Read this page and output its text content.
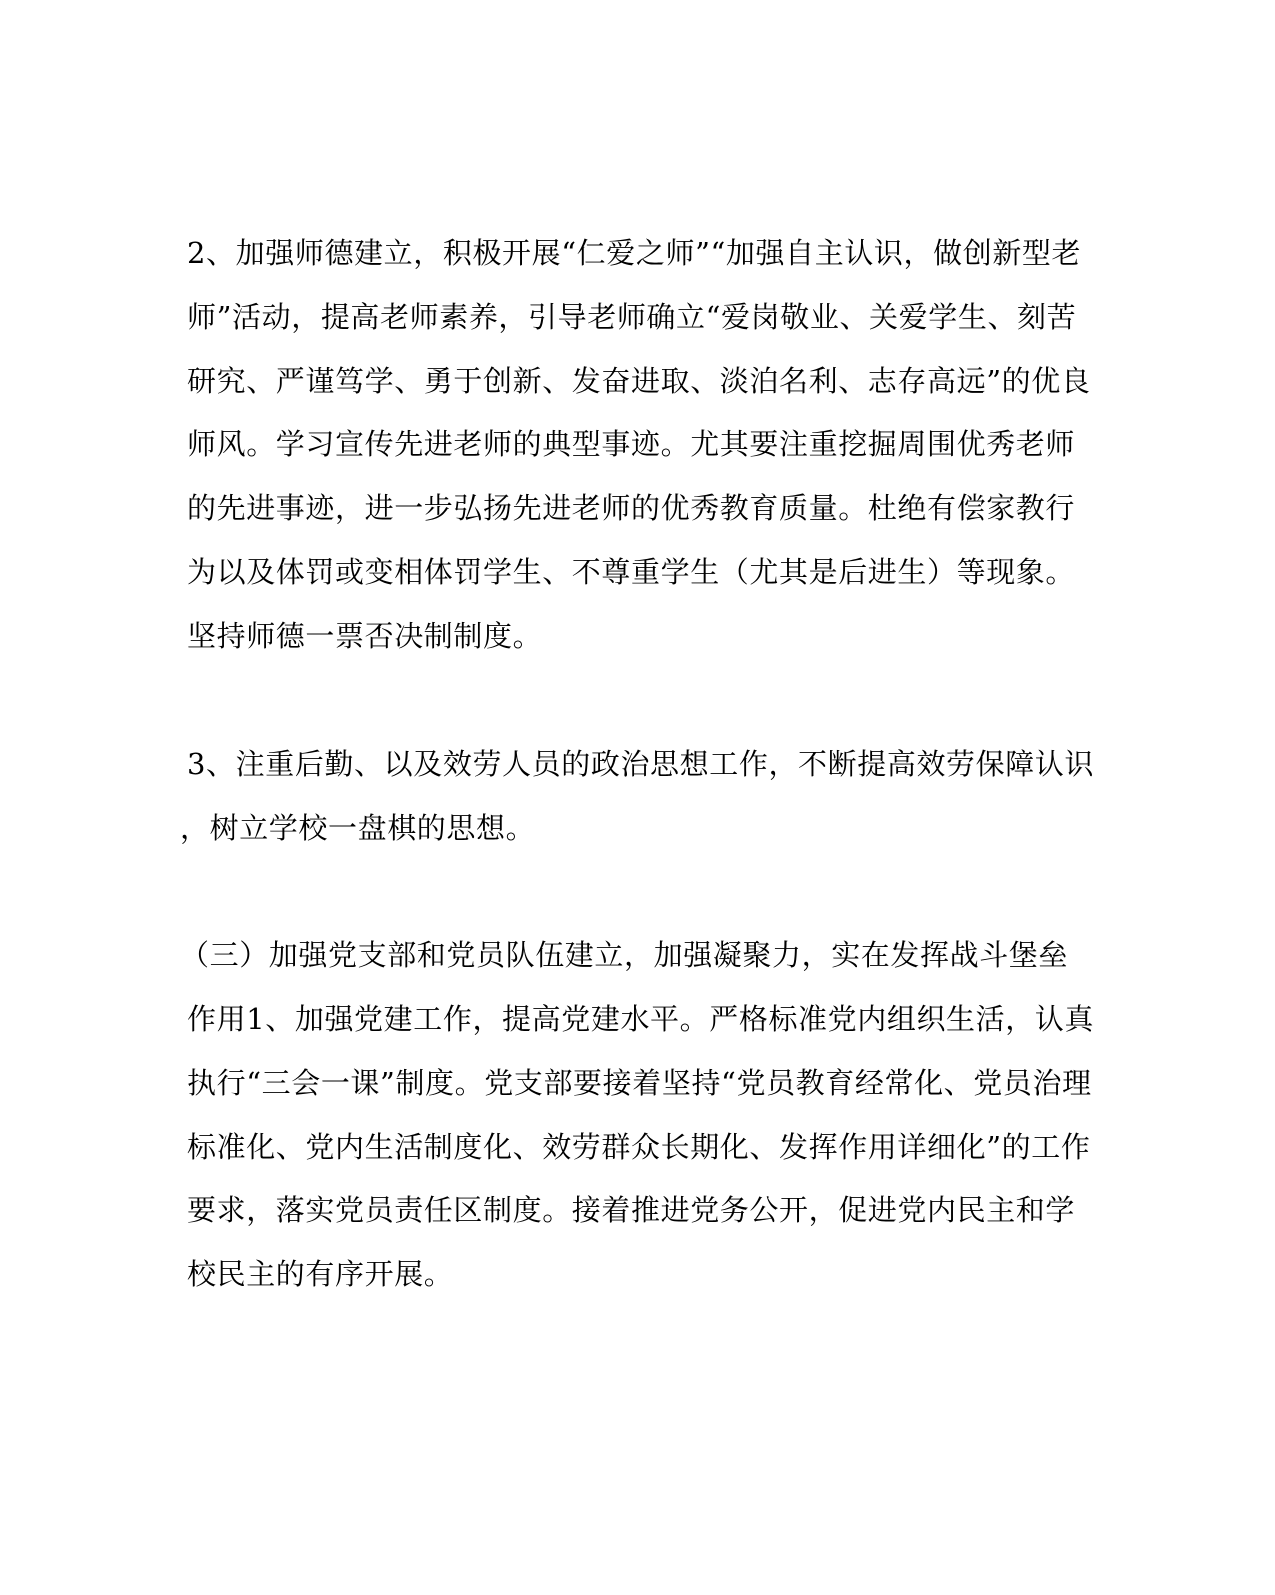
2、加强师德建立，积极开展“仁爱之师”“加强自主认识，做创新型老
师”活动，提高老师素养，引导老师确立“爱岗敬业、关爱学生、刻苦
研究、严谨笃学、勇于创新、发奋进取、淡泊名利、志存高远”的优良
师风。学习宣传先进老师的典型事迹。尤其要注重挖掘周围优秀老师
的先进事迹，进一步弘扬先进老师的优秀教育质量。杜绝有偿家教行
为以及体罚或变相体罚学生、不尊重学生（尤其是后进生）等现象。
坚持师德一票否决制制度。
3、注重后勤、以及效劳人员的政治思想工作，不断提高效劳保障认识
，树立学校一盘棋的思想。
（三）加强党支部和党员队伍建立，加强凝聚力，实在发挥战斗堡垒
作用1、加强党建工作，提高党建水平。严格标准党内组织生活，认真
执行“三会一课”制度。党支部要接着坚持“党员教育经常化、党员治理
标准化、党内生活制度化、效劳群众长期化、发挥作用详细化”的工作
要求，落实党员责任区制度。接着推进党务公开，促进党内民主和学
校民主的有序开展。
